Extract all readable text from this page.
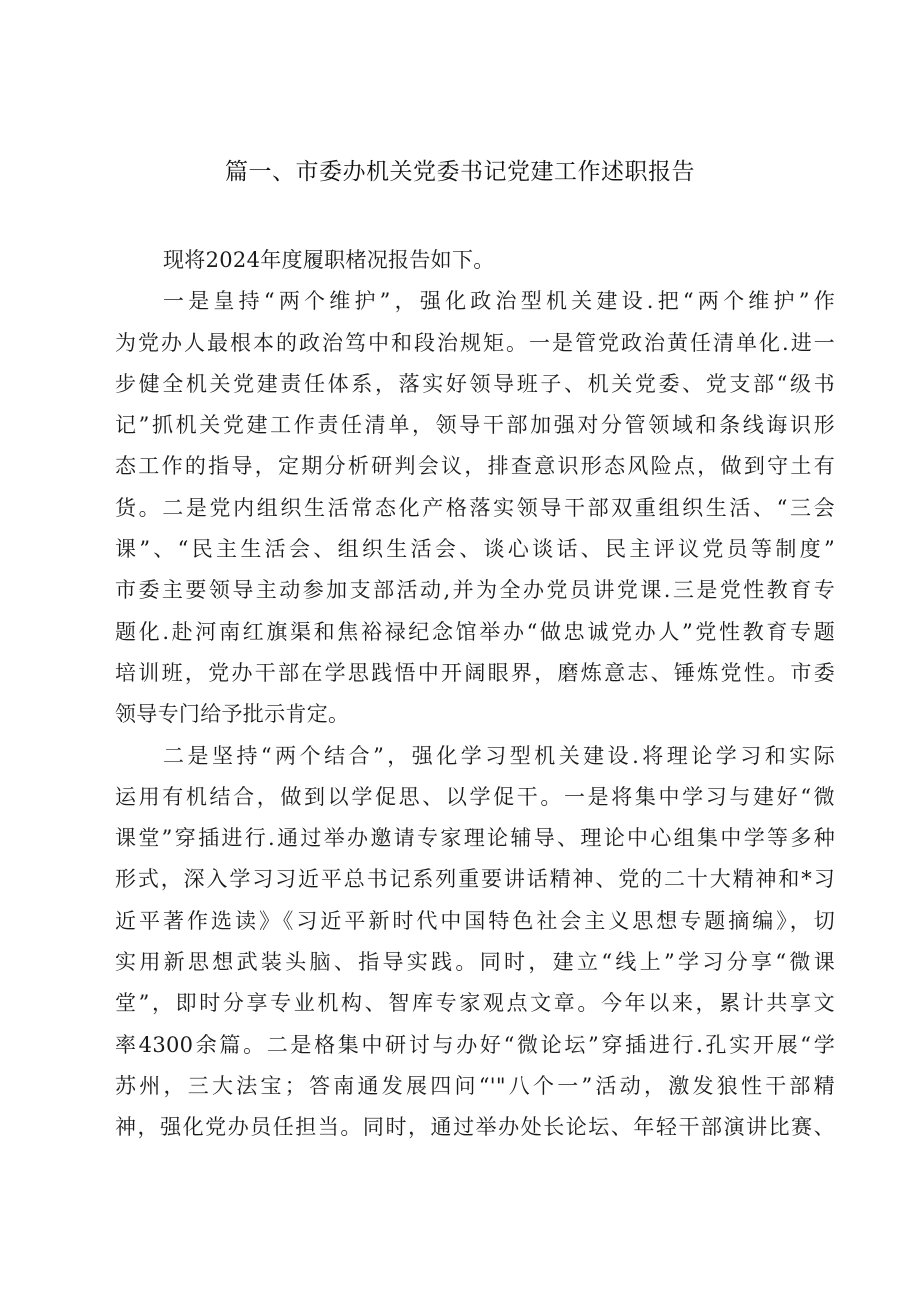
篇一、市委办机关党委书记党建工作述职报告
现将2024年度履职楮况报告如下。
一是皇持“两个维护”，强化政治型机关建设.把“两个维护”作
为党办人最根本的政治笃中和段治规矩。一是管党政治黄任清单化.进一
步健全机关党建责任体系，落实好领导班子、机关党委、党支部“级书
记”抓机关党建工作责任清单，领导干部加强对分管领域和条线诲识形
态工作的指导，定期分析研判会议，排查意识形态风险点，做到守土有
货。二是党内组织生活常态化产格落实领导干部双重组织生活、“三会
课”、“民主生活会、组织生活会、谈心谈话、民主评议党员等制度”
市委主要领导主动参加支部活动,并为全办党员讲党课.三是党性教育专
题化.赴河南红旗渠和焦裕禄纪念馆举办“做忠诚党办人”党性教育专题
培训班，党办干部在学思践悟中开阔眼界，磨炼意志、锤炼党性。市委
领导专门给予批示肯定。
二是坚持“两个结合”，强化学习型机关建设.将理论学习和实际
运用有机结合，做到以学促思、以学促干。一是将集中学习与建好“微
课堂”穿插进行.通过举办邀请专家理论辅导、理论中心组集中学等多种
形式，深入学习习近平总书记系列重要讲话精神、党的二十大精神和*习
近平著作选读》《习近平新时代中国特色社会主义思想专题摘编》，切
实用新思想武装头脑、指导实践。同时，建立“线上”学习分享“微课
堂”，即时分享专业机构、智库专家观点文章。今年以来，累计共享文
率4300余篇。二是格集中研讨与办好“微论坛”穿插进行.孔实开展“学
苏州，三大法宝；答南通发展四问“'"八个一”活动，激发狼性干部精
神，强化党办员任担当。同时，通过举办处长论坛、年轻干部演讲比赛、
